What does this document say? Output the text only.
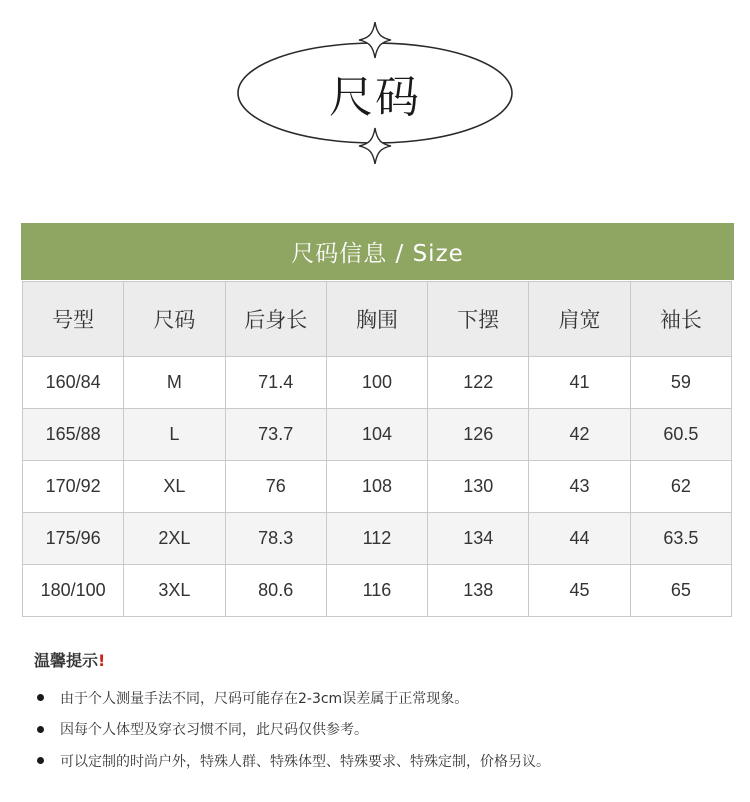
尺码
尺码信息 / Size
号型	尺码	后身长	胸围	下摆	肩宽	袖长
160/84	M	71.4	100	122	41	59
165/88	L	73.7	104	126	42	60.5
170/92	XL	76	108	130	43	62
175/96	2XL	78.3	112	134	44	63.5
180/100	3XL	80.6	116	138	45	65
温馨提示!
由于个人测量手法不同，尺码可能存在2-3cm误差属于正常现象。
因每个人体型及穿衣习惯不同，此尺码仅供参考。
可以定制的时尚户外，特殊人群、特殊体型、特殊要求、特殊定制，价格另议。
